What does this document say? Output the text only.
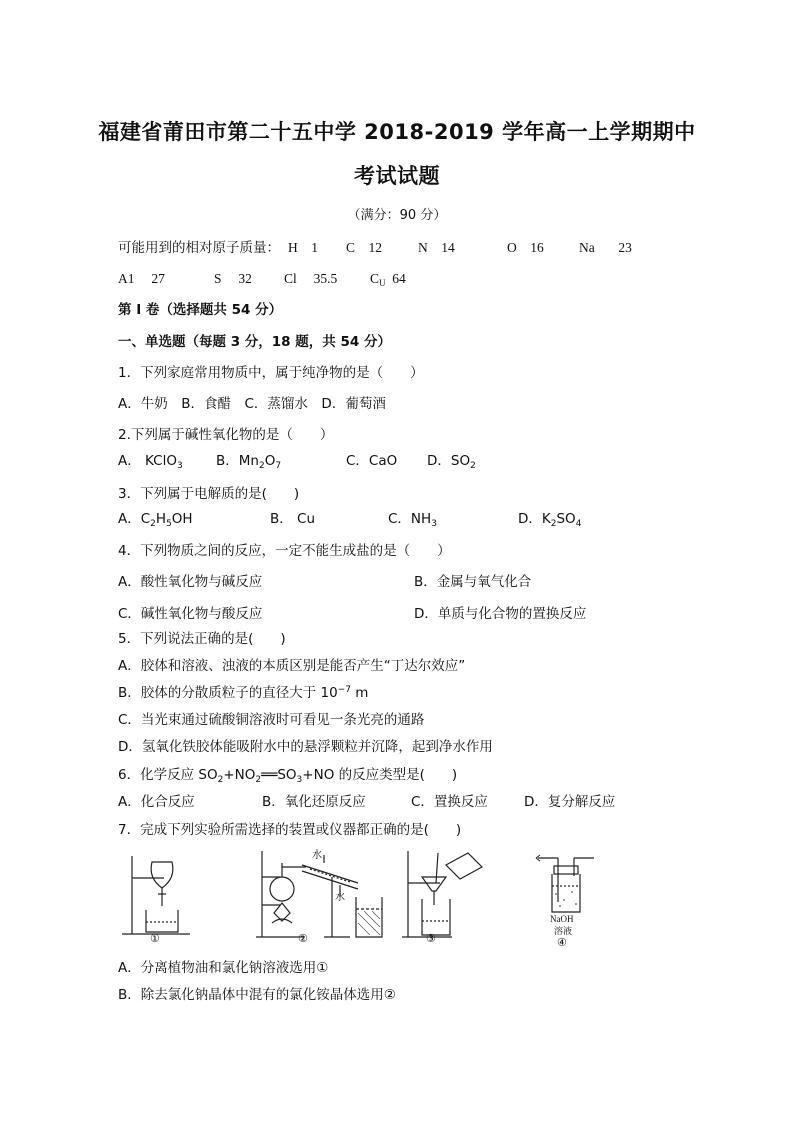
福建省莆田市第二十五中学 2018-2019 学年高一上学期期中
考试试题
（满分：90 分）
可能用到的相对原子质量： H 1 C 12	N 14	O 16	Na 23
A1 27	S 32 Cl 35.5 $C_U$ 64
第 I 卷（选择题共 54 分）
一、单选题（每题 3 分，18 题，共 54 分）
1．下列家庭常用物质中，属于纯净物的是（　　）
A．牛奶　B．食醋　C．蒸馏水　D．葡萄酒
2.下列属于碱性氧化物的是（　　）
A． KClO$_3$ B．$Mn_2O_7$	C．CaO D．$SO_2$
3．下列属于电解质的是(　　)
A．$C_2H_5OH$	B． Cu	C．$NH_3$	D．$K_2SO_4$
4．下列物质之间的反应，一定不能生成盐的是（　　）
A．酸性氧化物与碱反应	B．金属与氧气化合
C．碱性氧化物与酸反应	D．单质与化合物的置换反应
5．下列说法正确的是(　　)
A．胶体和溶液、浊液的本质区别是能否产生“丁达尔效应”
B．胶体的分散质粒子的直径大于 $10^{-7}$ m
C．当光束通过硫酸铜溶液时可看见一条光亮的通路
D．氢氧化铁胶体能吸附水中的悬浮颗粒并沉降，起到净水作用
6．化学反应 $SO_2+NO_2══SO_3+NO$ 的反应类型是(　　)
A．化合反应	B．氧化还原反应	C．置换反应	D．复分解反应
7．完成下列实验所需选择的装置或仪器都正确的是(　　)
①
水
水
②	③
NaOH
溶液
④
A．分离植物油和氯化钠溶液选用①
B．除去氯化钠晶体中混有的氯化铵晶体选用②
